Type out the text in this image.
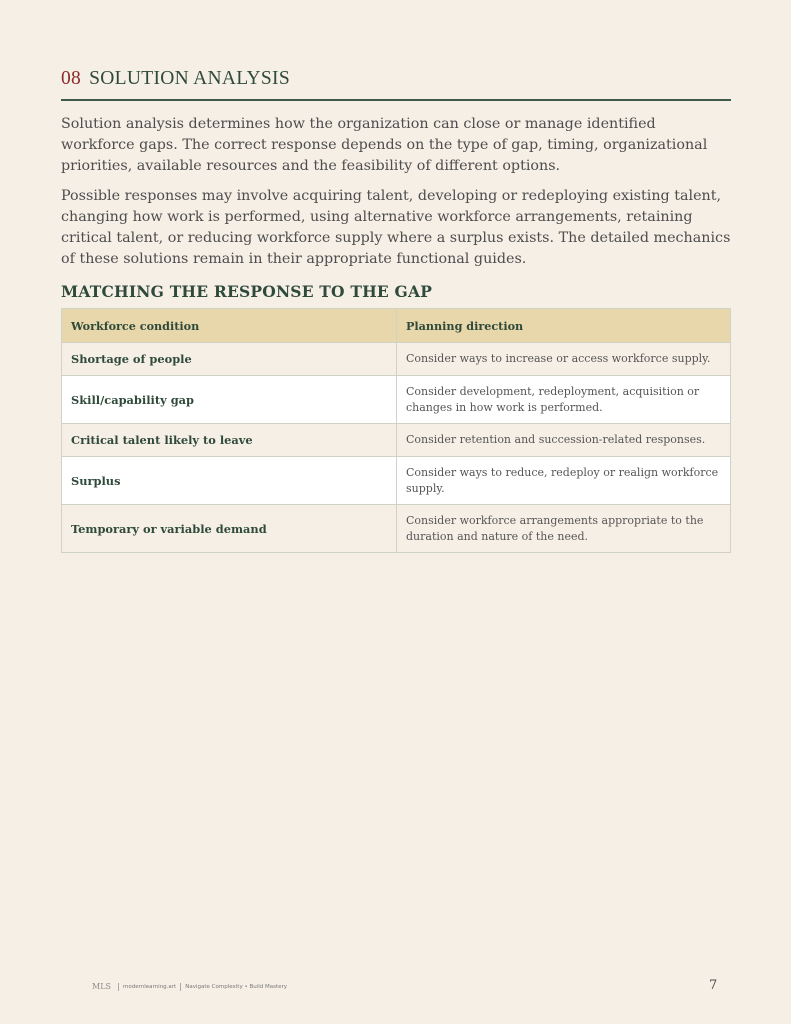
08 SOLUTION ANALYSIS

Solution analysis determines how the organization can close or manage identified workforce gaps. The correct response depends on the type of gap, timing, organizational priorities, available resources and the feasibility of different options.

Possible responses may involve acquiring talent, developing or redeploying existing talent, changing how work is performed, using alternative workforce arrangements, retaining critical talent, or reducing workforce supply where a surplus exists. The detailed mechanics of these solutions remain in their appropriate functional guides.

MATCHING THE RESPONSE TO THE GAP
Workforce condition	Planning direction
Shortage of people	Consider ways to increase or access workforce supply.
Skill/capability gap	Consider development, redeployment, acquisition or changes in how work is performed.
Critical talent likely to leave	Consider retention and succession-related responses.
Surplus	Consider ways to reduce, redeploy or realign workforce supply.
Temporary or variable demand	Consider workforce arrangements appropriate to the duration and nature of the need.
MLS modernlearning.art Navigate Complexity • Build Mastery	7
